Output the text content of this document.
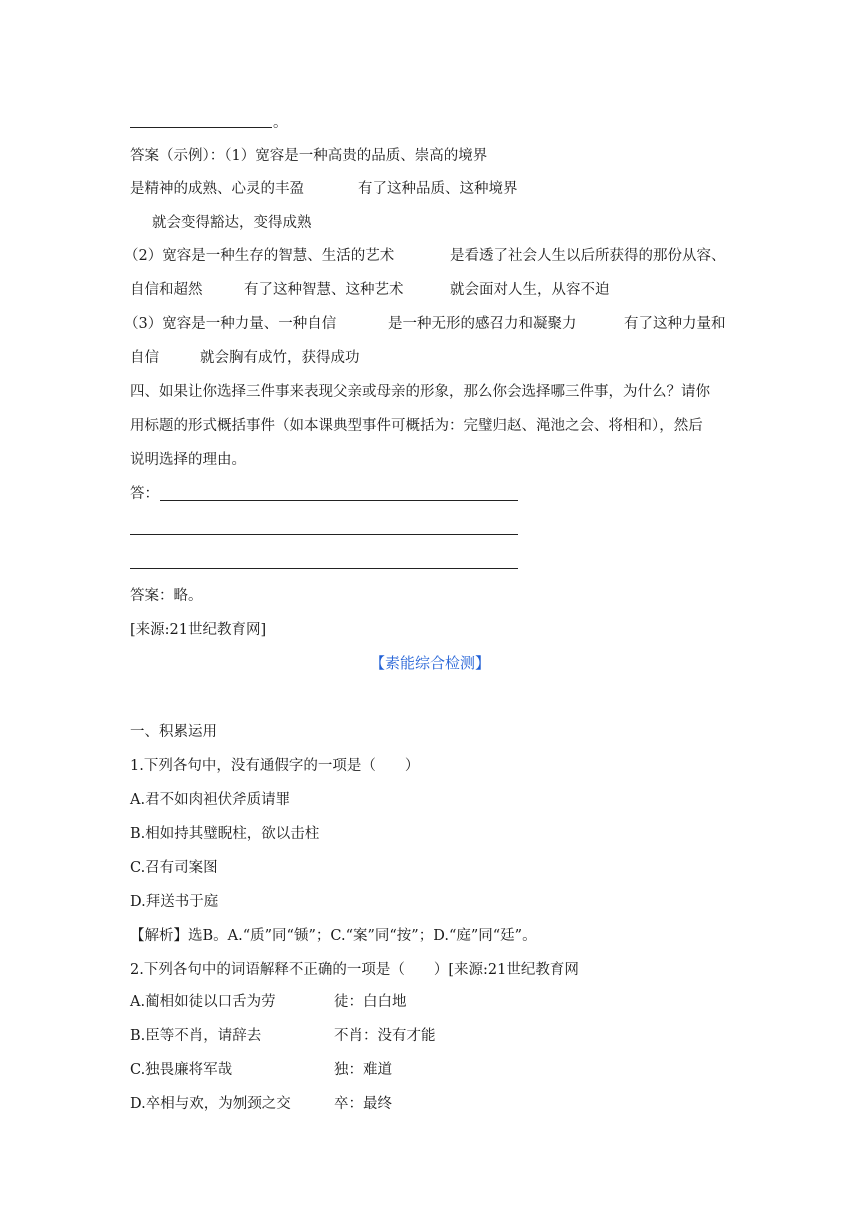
。
答案（示例）：（1）宽容是一种高贵的品质、崇高的境界
是精神的成熟、心灵的丰盈	有了这种品质、这种境界
就会变得豁达，变得成熟
（2）宽容是一种生存的智慧、生活的艺术	是看透了社会人生以后所获得的那份从容、
自信和超然	有了这种智慧、这种艺术	就会面对人生，从容不迫
（3）宽容是一种力量、一种自信	是一种无形的感召力和凝聚力	有了这种力量和
自信	就会胸有成竹，获得成功
四、如果让你选择三件事来表现父亲或母亲的形象，那么你会选择哪三件事，为什么？请你
用标题的形式概括事件（如本课典型事件可概括为：完璧归赵、渑池之会、将相和），然后
说明选择的理由。
答：
答案：略。
[来源:21世纪教育网]
【素能综合检测】
一、积累运用
1.下列各句中，没有通假字的一项是（　　）
A.君不如肉袒伏斧质请罪
B.相如持其璧睨柱，欲以击柱
C.召有司案图
D.拜送书于庭
【解析】选B。A.“质”同“锧”；C.“案”同“按”；D.“庭”同“廷”。
2.下列各句中的词语解释不正确的一项是（　　）[来源:21世纪教育网
A.蔺相如徒以口舌为劳	徒：白白地
B.臣等不肖，请辞去	不肖：没有才能
C.独畏廉将军哉	独：难道
D.卒相与欢，为刎颈之交	卒：最终
